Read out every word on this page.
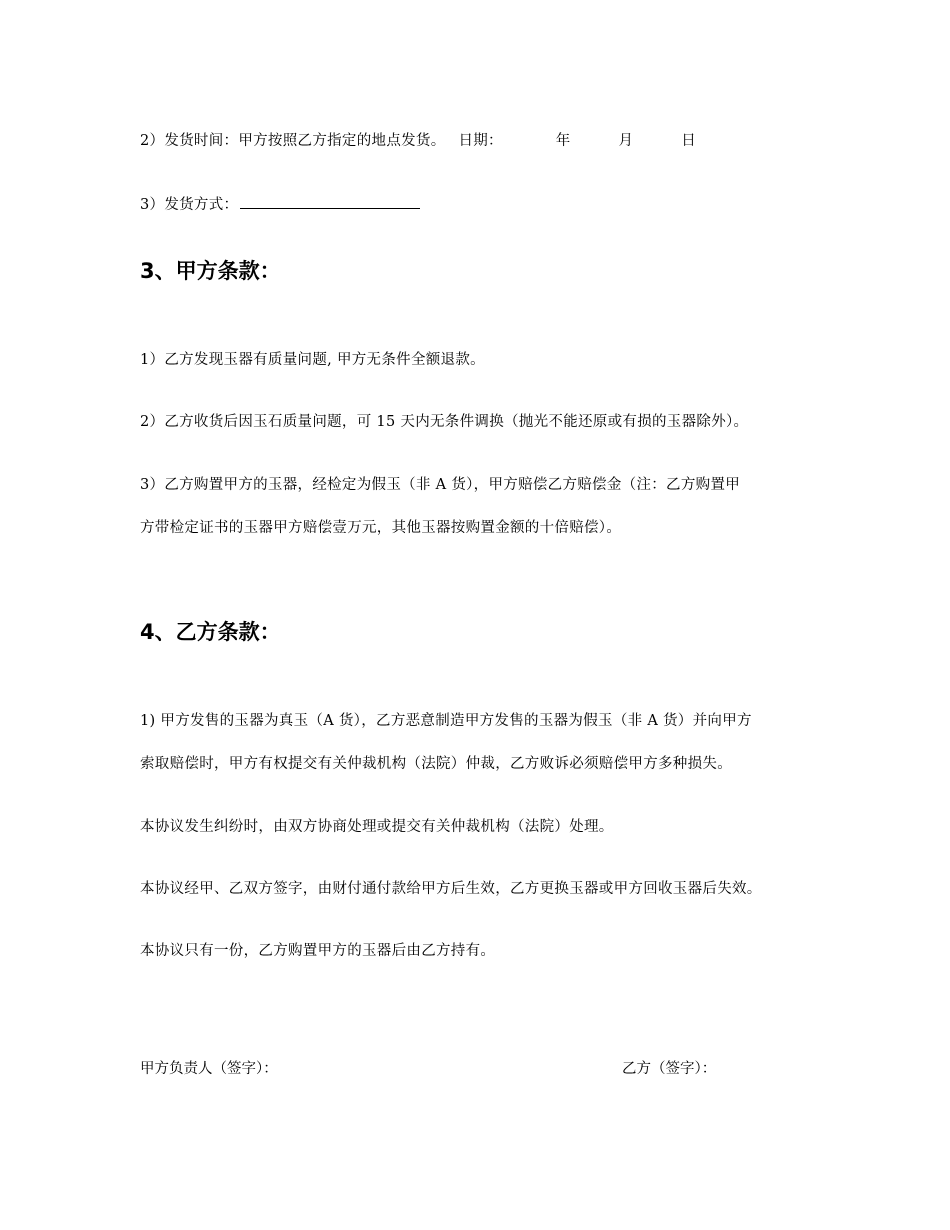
2）发货时间：甲方按照乙方指定的地点发货。 日期：	年	月	日
3）发货方式：
3、甲方条款：
1）乙方发现玉器有质量问题, 甲方无条件全额退款。
2）乙方收货后因玉石质量问题，可 15 天内无条件调换（抛光不能还原或有损的玉器除外）。
3）乙方购置甲方的玉器，经检定为假玉（非 A 货），甲方赔偿乙方赔偿金（注：乙方购置甲
方带检定证书的玉器甲方赔偿壹万元，其他玉器按购置金额的十倍赔偿）。
4、乙方条款：
1) 甲方发售的玉器为真玉（A 货），乙方恶意制造甲方发售的玉器为假玉（非 A 货）并向甲方
索取赔偿时，甲方有权提交有关仲裁机构（法院）仲裁，乙方败诉必须赔偿甲方多种损失。
本协议发生纠纷时，由双方协商处理或提交有关仲裁机构（法院）处理。
本协议经甲、乙双方签字，由财付通付款给甲方后生效，乙方更换玉器或甲方回收玉器后失效。
本协议只有一份，乙方购置甲方的玉器后由乙方持有。
甲方负责人（签字）：	乙方（签字）：
